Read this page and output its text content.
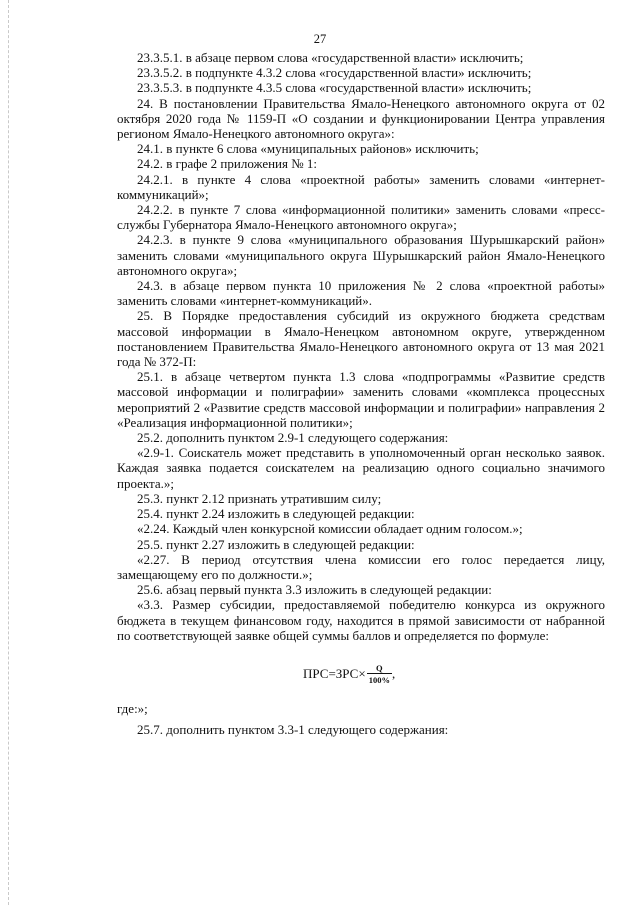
27

23.3.5.1. в абзаце первом слова «государственной власти» исключить;

23.3.5.2. в подпункте 4.3.2 слова «государственной власти» исключить;

23.3.5.3. в подпункте 4.3.5 слова «государственной власти» исключить;

24. В постановлении Правительства Ямало-Ненецкого автономного округа от 02 октября 2020 года № 1159-П «О создании и функционировании Центра управления регионом Ямало-Ненецкого автономного округа»:

24.1. в пункте 6 слова «муниципальных районов» исключить;

24.2. в графе 2 приложения № 1:

24.2.1. в пункте 4 слова «проектной работы» заменить словами «интернет-коммуникаций»;

24.2.2. в пункте 7 слова «информационной политики» заменить словами «пресс-службы Губернатора Ямало-Ненецкого автономного округа»;

24.2.3. в пункте 9 слова «муниципального образования Шурышкарский район» заменить словами «муниципального округа Шурышкарский район Ямало-Ненецкого автономного округа»;

24.3. в абзаце первом пункта 10 приложения № 2 слова «проектной работы» заменить словами «интернет-коммуникаций».

25. В Порядке предоставления субсидий из окружного бюджета средствам массовой информации в Ямало-Ненецком автономном округе, утвержденном постановлением Правительства Ямало-Ненецкого автономного округа от 13 мая 2021 года № 372-П:

25.1. в абзаце четвертом пункта 1.3 слова «подпрограммы «Развитие средств массовой информации и полиграфии» заменить словами «комплекса процессных мероприятий 2 «Развитие средств массовой информации и полиграфии» направления 2 «Реализация информационной политики»;

25.2. дополнить пунктом 2.9-1 следующего содержания:

«2.9-1. Соискатель может представить в уполномоченный орган несколько заявок. Каждая заявка подается соискателем на реализацию одного социально значимого проекта.»;

25.3. пункт 2.12 признать утратившим силу;

25.4. пункт 2.24 изложить в следующей редакции:

«2.24. Каждый член конкурсной комиссии обладает одним голосом.»;

25.5. пункт 2.27 изложить в следующей редакции:

«2.27. В период отсутствия члена комиссии его голос передается лицу, замещающему его по должности.»;

25.6. абзац первый пункта 3.3 изложить в следующей редакции:

«3.3. Размер субсидии, предоставляемой победителю конкурса из окружного бюджета в текущем финансовом году, находится в прямой зависимости от набранной по соответствующей заявке общей суммы баллов и определяется по формуле:

$ПРС=ЗРС\times \frac{Q}{100\%}$ ,

где:»;

25.7. дополнить пунктом 3.3-1 следующего содержания:
